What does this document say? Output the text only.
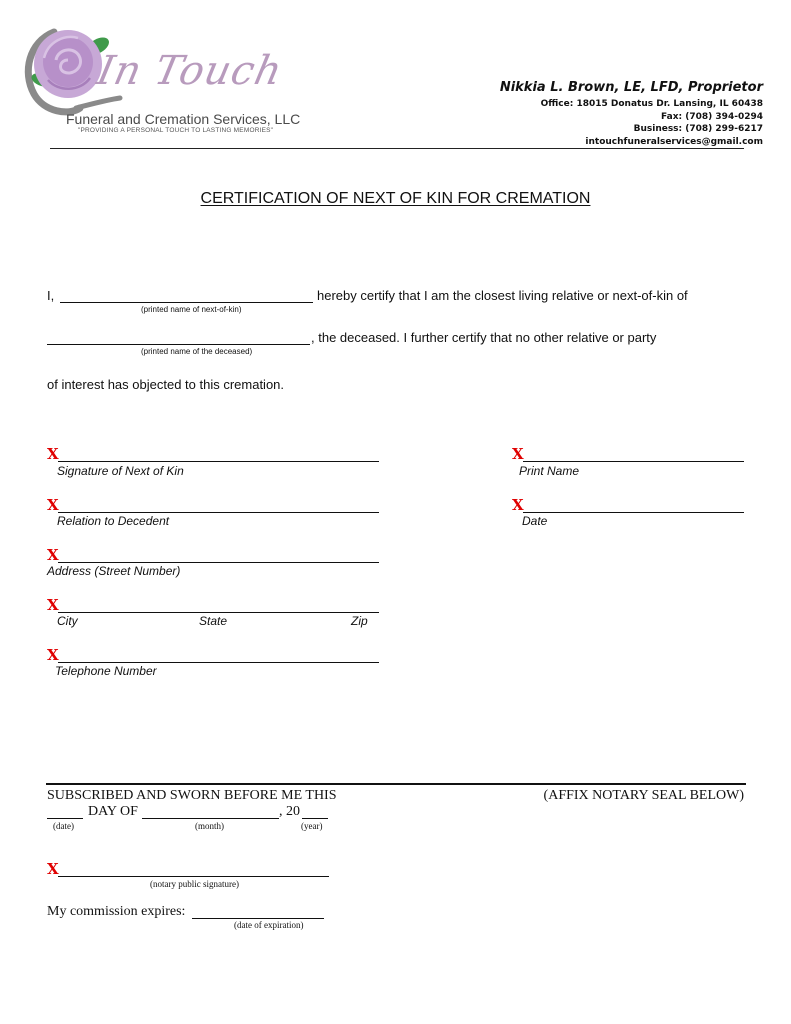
In Touch
Funeral and Cremation Services, LLC
"PROVIDING A PERSONAL TOUCH TO LASTING MEMORIES"
Nikkia L. Brown, LE, LFD, Proprietor
Office: 18015 Donatus Dr. Lansing, IL 60438
Fax: (708) 394-0294
Business: (708) 299-6217
intouchfuneralservices@gmail.com
CERTIFICATION OF NEXT OF KIN FOR CREMATION
I,	hereby certify that I am the closest living relative or next-of-kin of
(printed name of next-of-kin)
, the deceased. I further certify that no other relative or party
(printed name of the deceased)
of interest has objected to this cremation.
X
Signature of Next of Kin
X
Relation to Decedent
X
Address (Street Number)
X
City	State	Zip
X
Telephone Number
X
Print Name
X
Date
SUBSCRIBED AND SWORN BEFORE ME THIS	(AFFIX NOTARY SEAL BELOW)
DAY OF	, 20
(date)	(month)	(year)
X
(notary public signature)
My commission expires:
(date of expiration)
